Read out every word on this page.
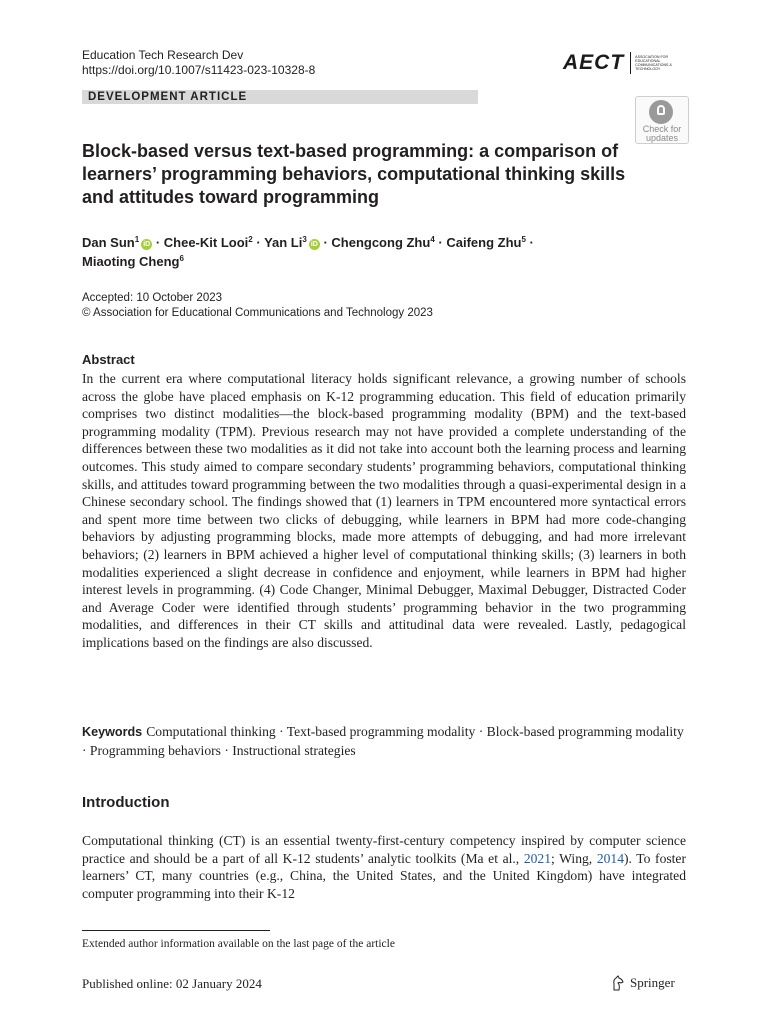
Education Tech Research Dev
https://doi.org/10.1007/s11423-023-10328-8	AECT	ASSOCIATION FOR EDUCATIONAL COMMUNICATIONS & TECHNOLOGY
DEVELOPMENT ARTICLE
Check for updates
Block-based versus text-based programming: a comparison of learners’ programming behaviors, computational thinking skills and attitudes toward programming
Dan Sun$^1$iD · Chee-Kit Looi$^2$ · Yan $Li^3iD$ · Chengcong Zhu$^4$ · Caifeng Zhu$^5$ ·
Miaoting Cheng$^6$
Accepted: 10 October 2023
© Association for Educational Communications and Technology 2023
Abstract
In the current era where computational literacy holds significant relevance, a growing number of schools across the globe have placed emphasis on K-12 programming education. This field of education primarily comprises two distinct modalities—the block-based programming modality (BPM) and the text-based programming modality (TPM). Previous research may not have provided a complete understanding of the differences between these two modalities as it did not take into account both the learning process and learning outcomes. This study aimed to compare secondary students’ programming behaviors, computational thinking skills, and attitudes toward programming between the two modalities through a quasi-experimental design in a Chinese secondary school. The findings showed that (1) learners in TPM encountered more syntactical errors and spent more time between two clicks of debugging, while learners in BPM had more code-changing behaviors by adjusting programming blocks, made more attempts of debugging, and had more irrelevant behaviors; (2) learners in BPM achieved a higher level of computational thinking skills; (3) learners in both modalities experienced a slight decrease in confidence and enjoyment, while learners in BPM had higher interest levels in programming. (4) Code Changer, Minimal Debugger, Maximal Debugger, Distracted Coder and Average Coder were identified through students’ programming behavior in the two programming modalities, and differences in their CT skills and attitudinal data were revealed. Lastly, pedagogical implications based on the findings are also discussed.
Keywords Computational thinking · Text-based programming modality · Block-based programming modality · Programming behaviors · Instructional strategies
Introduction
Computational thinking (CT) is an essential twenty-first-century competency inspired by computer science practice and should be a part of all K-12 students’ analytic toolkits (Ma et al., 2021; Wing, 2014). To foster learners’ CT, many countries (e.g., China, the United States, and the United Kingdom) have integrated computer programming into their K-12
Extended author information available on the last page of the article
Published online: 02 January 2024	Springer
